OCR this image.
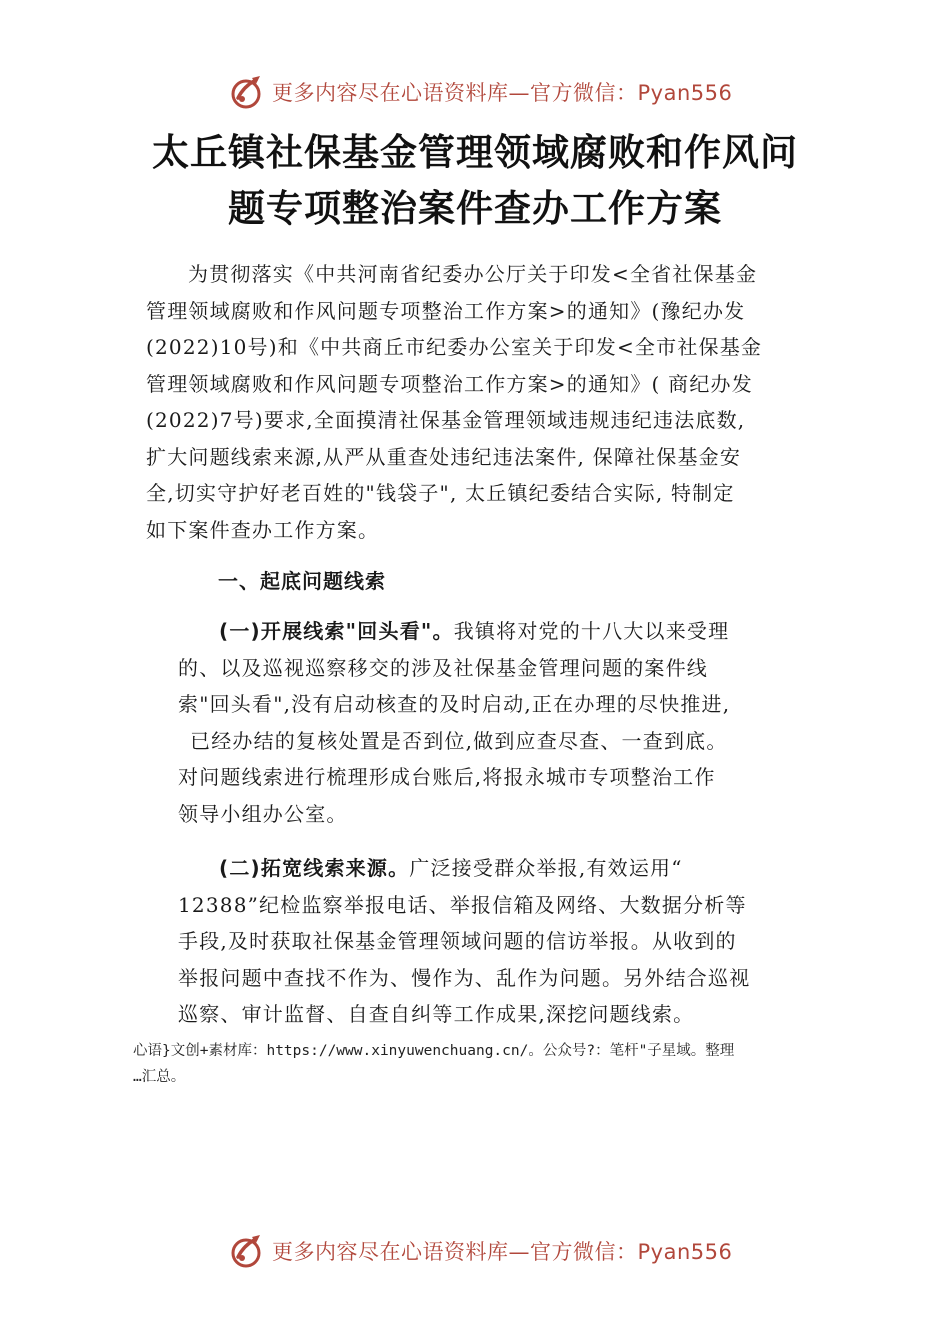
更多内容尽在心语资料库—官方微信：Pyan556
太丘镇社保基金管理领域腐败和作风问
题专项整治案件查办工作方案
为贯彻落实《中共河南省纪委办公厅关于印发<全省社保基金
管理领域腐败和作风问题专项整治工作方案>的通知》(豫纪办发
(2022)10号)和《中共商丘市纪委办公室关于印发<全市社保基金
管理领域腐败和作风问题专项整治工作方案>的通知》( 商纪办发
(2022)7号)要求,全面摸清社保基金管理领域违规违纪违法底数,
扩大问题线索来源,从严从重查处违纪违法案件, 保障社保基金安
全,切实守护好老百姓的"钱袋子", 太丘镇纪委结合实际, 特制定
如下案件查办工作方案。
一、起底问题线索
(一)开展线索"回头看"。我镇将对党的十八大以来受理
的、以及巡视巡察移交的涉及社保基金管理问题的案件线
索"回头看",没有启动核查的及时启动,正在办理的尽快推进,
已经办结的复核处置是否到位,做到应查尽查、一查到底。
对问题线索进行梳理形成台账后,将报永城市专项整治工作
领导小组办公室。
(二)拓宽线索来源。广泛接受群众举报,有效运用“
12388”纪检监察举报电话、举报信箱及网络、大数据分析等
手段,及时获取社保基金管理领域问题的信访举报。从收到的
举报问题中查找不作为、慢作为、乱作为问题。另外结合巡视
巡察、审计监督、自查自纠等工作成果,深挖问题线索。
心语}文创+素材库：https://www.xinyuwenchuang.cn/。公众号?：笔杆"子星域。整理
…汇总。
更多内容尽在心语资料库—官方微信：Pyan556
